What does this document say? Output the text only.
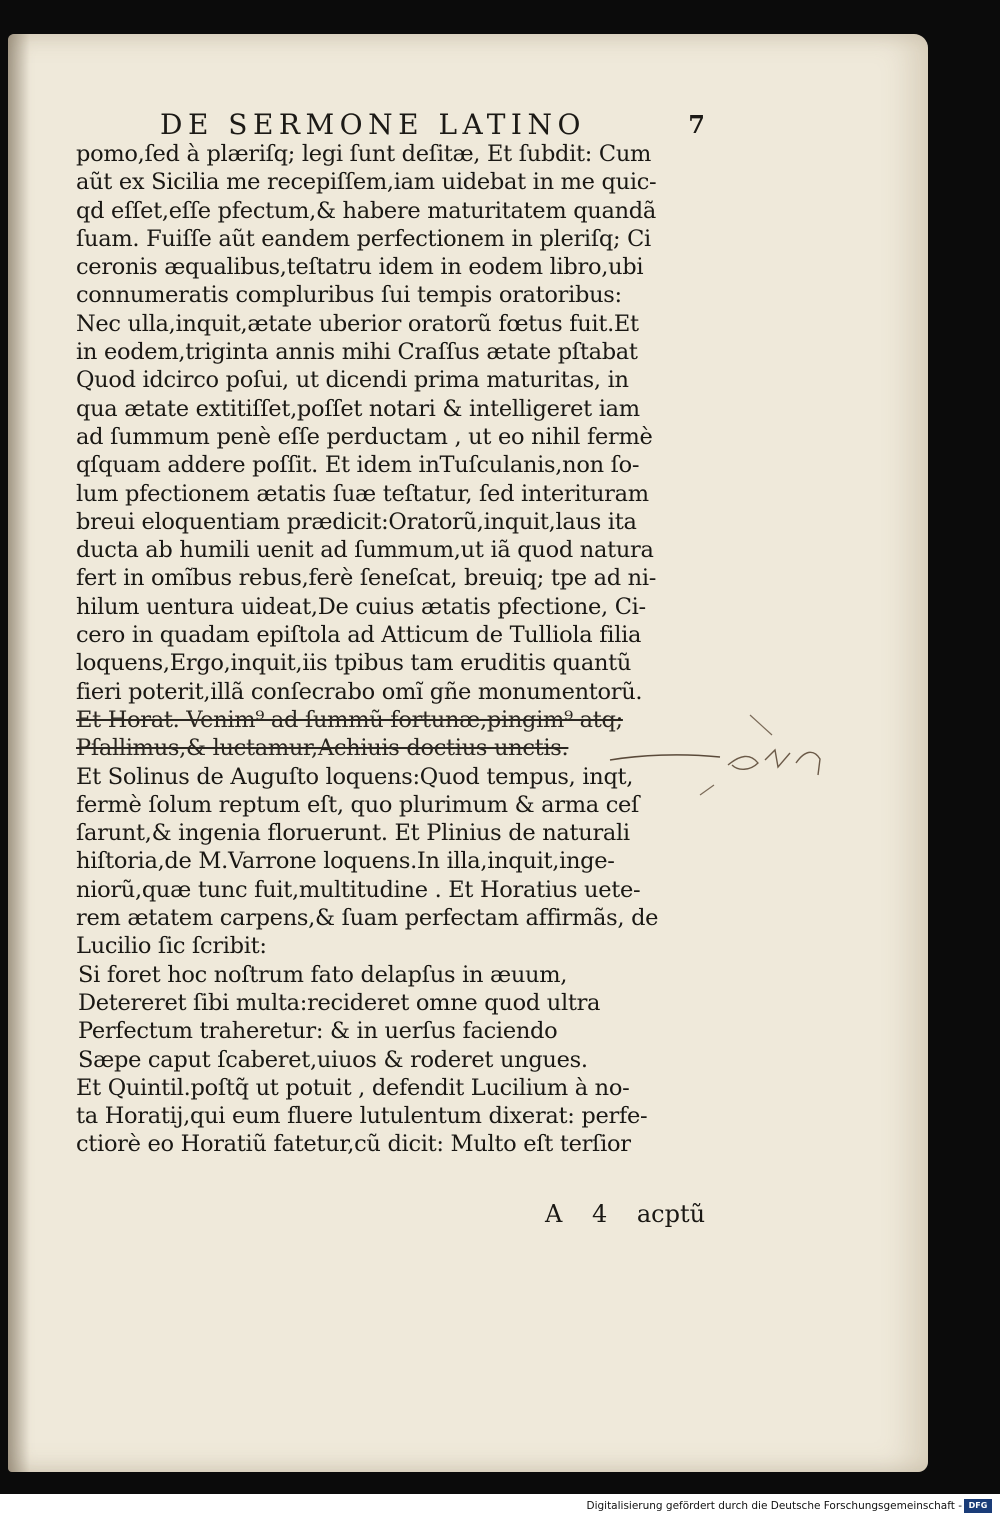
DE SERMONE LATINO	7
pomo,ſed à plæriſq; legi ſunt deſitæ, Et ſubdit: Cum
aũt ex Sicilia me recepiſſem,iam uidebat in me quic-
qd eſſet,eſſe pfectum,& habere maturitatem quandã
ſuam. Fuiſſe aũt eandem perfectionem in pleriſq; Ci
ceronis æqualibus,teſtatru idem in eodem libro,ubi
connumeratis compluribus ſui tempis oratoribus:
Nec ulla,inquit,ætate uberior oratorũ fœtus fuit.Et
in eodem,triginta annis mihi Craſſus ætate pſtabat
Quod idcirco poſui, ut dicendi prima maturitas, in
qua ætate extitiſſet,poſſet notari & intelligeret iam
ad ſummum penè eſſe perductam , ut eo nihil fermè
qſquam addere poſſit. Et idem inTuſculanis,non ſo-
lum pfectionem ætatis ſuæ teſtatur, ſed interituram
breui eloquentiam prædicit:Oratorũ,inquit,laus ita
ducta ab humili uenit ad ſummum,ut iã quod natura
fert in omĩbus rebus,ferè ſeneſcat, breuiq; tpe ad ni-
hilum uentura uideat,De cuius ætatis pfectione, Ci-
cero in quadam epiſtola ad Atticum de Tulliola filia
loquens,Ergo,inquit,iis tpibus tam eruditis quantũ
fieri poterit,illã conſecrabo omĩ gñe monumentorũ.
Et Horat. Venim⁹ ad ſummũ fortunæ,pingim⁹ atq;
Pſallimus,& luctamur,Achiuis doctius unctis.
Et Solinus de Auguſto loquens:Quod tempus, inqt,
fermè ſolum reptum eſt, quo plurimum & arma ceſ
ſarunt,& ingenia floruerunt. Et Plinius de naturali
hiſtoria,de M.Varrone loquens.In illa,inquit,inge-
niorũ,quæ tunc fuit,multitudine . Et Horatius uete-
rem ætatem carpens,& ſuam perfectam affirmãs, de
Lucilio ſic ſcribit:
Si foret hoc noſtrum fato delapſus in æuum,
Detereret ſibi multa:recideret omne quod ultra
Perfectum traheretur: & in uerſus faciendo
Sæpe caput ſcaberet,uiuos & roderet ungues.
Et Quintil.poſtq̃ ut potuit , defendit Lucilium à no-
ta Horatij,qui eum fluere lutulentum dixerat: perfe-
ctiorè eo Horatiũ fatetur,cũ dicit: Multo eſt terſior
A 4 acptũ
Digitalisierung gefördert durch die Deutsche Forschungsgemeinschaft - DFG
